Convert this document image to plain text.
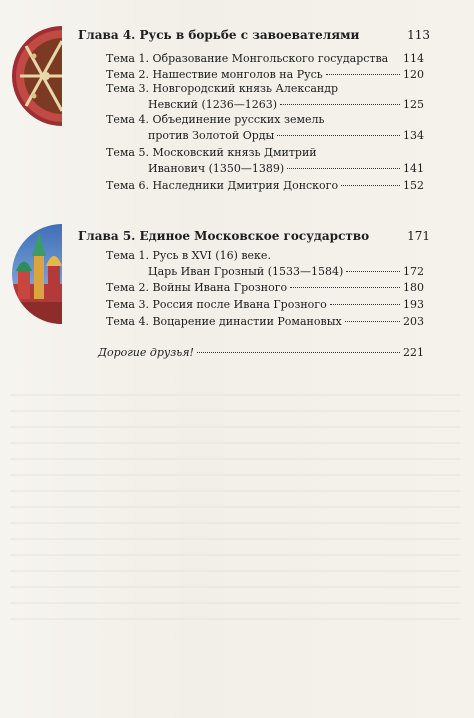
Глава 4. Русь в борьбе с завоевателями	113
Тема 1. Образование Монгольского государства 114
Тема 2. Нашествие монголов на Русь	120
Тема 3. Новгородский князь Александр
Невский (1236—1263)	125
Тема 4. Объединение русских земель
против Золотой Орды	134
Тема 5. Московский князь Дмитрий
Иванович (1350—1389)	141
Тема 6. Наследники Дмитрия Донского	152
Глава 5. Единое Московское государство	171
Тема 1. Русь в XVI (16) веке.
Царь Иван Грозный (1533—1584)	172
Тема 2. Войны Ивана Грозного	180
Тема 3. Россия после Ивана Грозного	193
Тема 4. Воцарение династии Романовых	203
Дорогие друзья!	221
